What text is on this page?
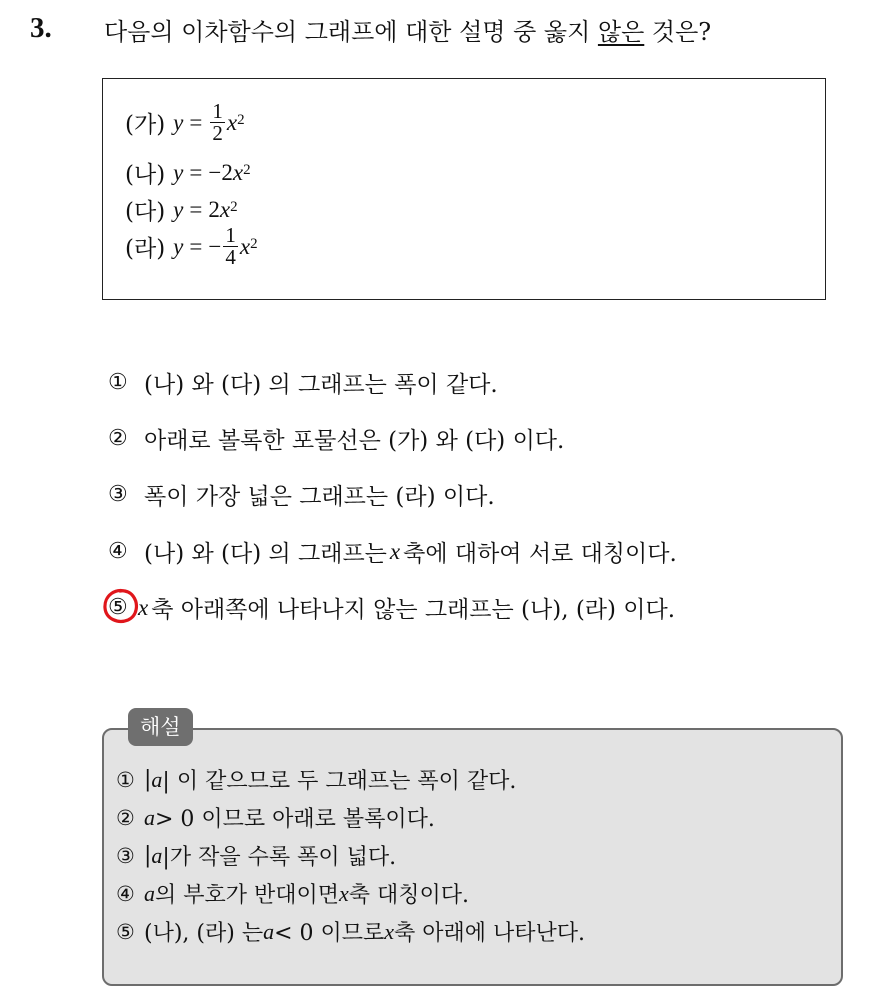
3. 다음의 이차함수의 그래프에 대한 설명 중 옳지 않은 것은?
(가) $y = \frac{1}{2} x^2$
(나) y = − 2 $x^2$
(다) y = 2 $x^2$
(라) y = − $\frac{1}{4} x^2$
① (나) 와 (다) 의 그래프는 폭이 같다.
② 아래로 볼록한 포물선은 (가) 와 (다) 이다.
③ 폭이 가장 넓은 그래프는 (라) 이다.
④ (나) 와 (다) 의 그래프는 x 축에 대하여 서로 대칭이다.
⑤ x 축 아래쪽에 나타나지 않는 그래프는 (나), (라) 이다.
해설
① | a | 이 같으므로 두 그래프는 폭이 같다.
② a > 0 이므로 아래로 볼록이다.
③ | a |가 작을 수록 폭이 넓다.
④ a 의 부호가 반대이면 x 축 대칭이다.
⑤ (나), (라) 는 a < 0 이므로 x 축 아래에 나타난다.
